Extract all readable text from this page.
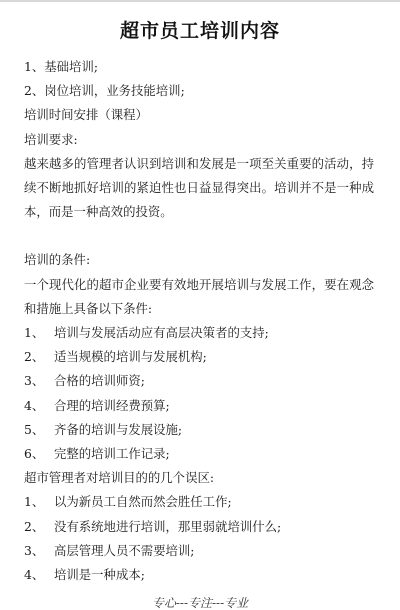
超市员工培训内容
1、基础培训;
2、岗位培训，业务技能培训;
培训时间安排（课程）
培训要求:
越来越多的管理者认识到培训和发展是一项至关重要的活动，持续不断地抓好培训的紧迫性也日益显得突出。培训并不是一种成本，而是一种高效的投资。
培训的条件:
一个现代化的超市企业要有效地开展培训与发展工作，要在观念和措施上具备以下条件:
1、 培训与发展活动应有高层决策者的支持;
2、 适当规模的培训与发展机构;
3、 合格的培训师资;
4、 合理的培训经费预算;
5、 齐备的培训与发展设施;
6、 完整的培训工作记录;
超市管理者对培训目的的几个误区:
1、 以为新员工自然而然会胜任工作;
2、 没有系统地进行培训，那里弱就培训什么;
3、 高层管理人员不需要培训;
4、 培训是一种成本;
专心---专注---专业
